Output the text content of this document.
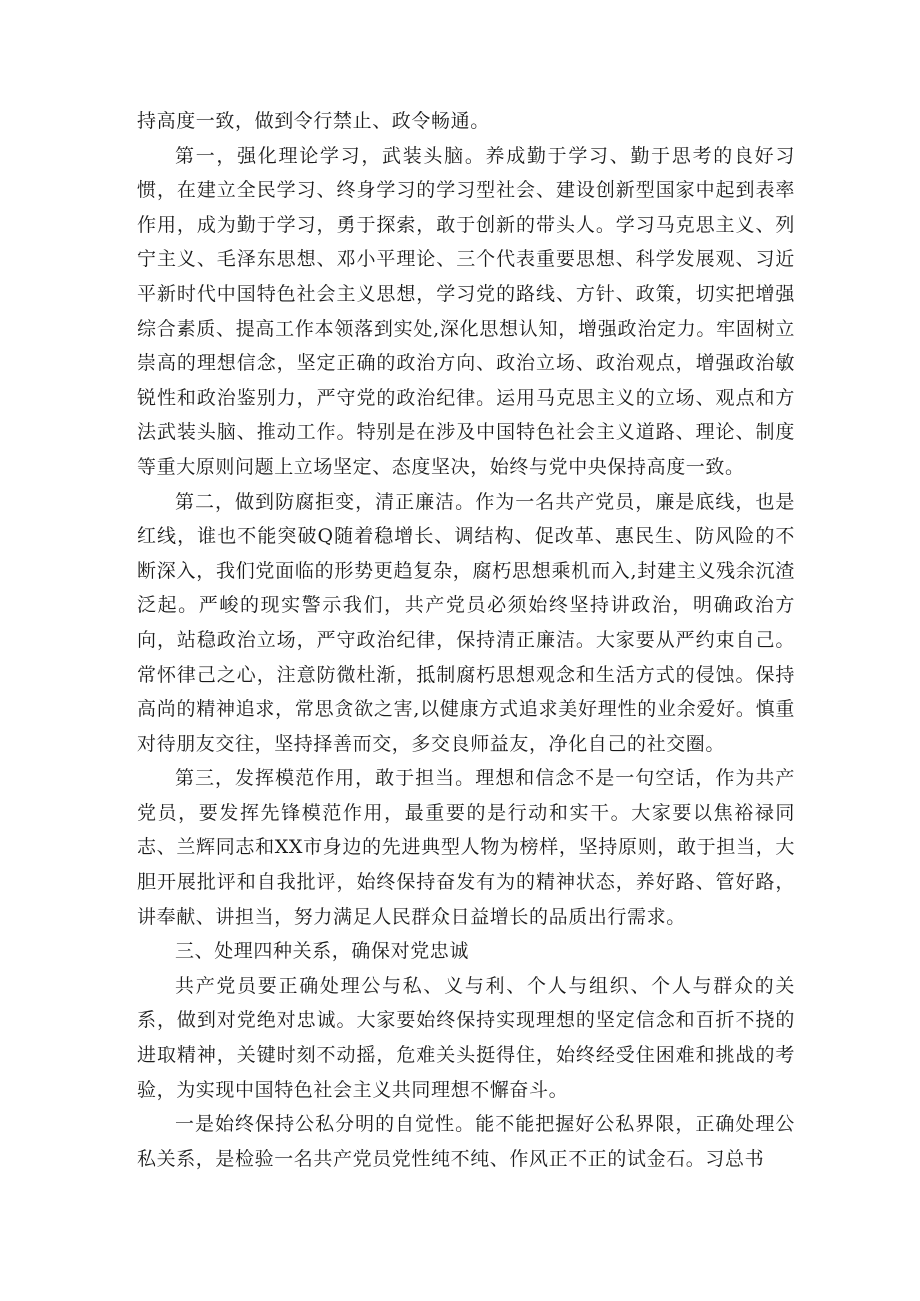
持高度一致，做到令行禁止、政令畅通。

第一，强化理论学习，武装头脑。养成勤于学习、勤于思考的良好习惯，在建立全民学习、终身学习的学习型社会、建设创新型国家中起到表率作用，成为勤于学习，勇于探索，敢于创新的带头人。学习马克思主义、列宁主义、毛泽东思想、邓小平理论、三个代表重要思想、科学发展观、习近平新时代中国特色社会主义思想，学习党的路线、方针、政策，切实把增强综合素质、提高工作本领落到实处,深化思想认知，增强政治定力。牢固树立崇高的理想信念，坚定正确的政治方向、政治立场、政治观点，增强政治敏锐性和政治鉴别力，严守党的政治纪律。运用马克思主义的立场、观点和方法武装头脑、推动工作。特别是在涉及中国特色社会主义道路、理论、制度等重大原则问题上立场坚定、态度坚决，始终与党中央保持高度一致。

第二，做到防腐拒变，清正廉洁。作为一名共产党员，廉是底线，也是红线，谁也不能突破Q随着稳增长、调结构、促改革、惠民生、防风险的不断深入，我们党面临的形势更趋复杂，腐朽思想乘机而入,封建主义残余沉渣泛起。严峻的现实警示我们，共产党员必须始终坚持讲政治，明确政治方向，站稳政治立场，严守政治纪律，保持清正廉洁。大家要从严约束自己。常怀律己之心，注意防微杜渐，抵制腐朽思想观念和生活方式的侵蚀。保持高尚的精神追求，常思贪欲之害,以健康方式追求美好理性的业余爱好。慎重对待朋友交往，坚持择善而交，多交良师益友，净化自己的社交圈。

第三，发挥模范作用，敢于担当。理想和信念不是一句空话，作为共产党员，要发挥先锋模范作用，最重要的是行动和实干。大家要以焦裕禄同志、兰辉同志和XX市身边的先进典型人物为榜样，坚持原则，敢于担当，大胆开展批评和自我批评，始终保持奋发有为的精神状态，养好路、管好路，讲奉献、讲担当，努力满足人民群众日益增长的品质出行需求。

三、处理四种关系，确保对党忠诚

共产党员要正确处理公与私、义与利、个人与组织、个人与群众的关系，做到对党绝对忠诚。大家要始终保持实现理想的坚定信念和百折不挠的进取精神，关键时刻不动摇，危难关头挺得住，始终经受住困难和挑战的考验，为实现中国特色社会主义共同理想不懈奋斗。

一是始终保持公私分明的自觉性。能不能把握好公私界限，正确处理公私关系，是检验一名共产党员党性纯不纯、作风正不正的试金石。习总书
